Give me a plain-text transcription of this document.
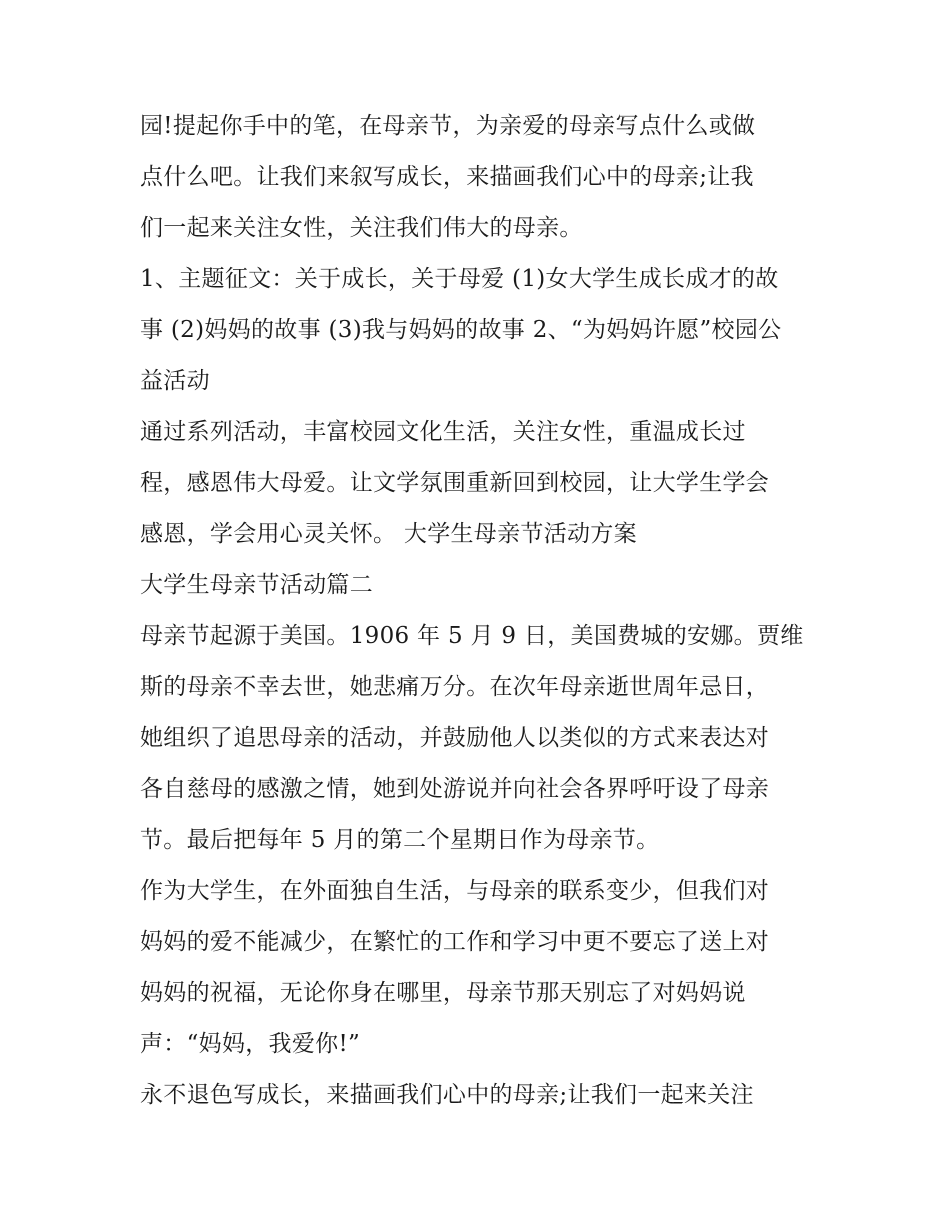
园!提起你手中的笔，在母亲节，为亲爱的母亲写点什么或做

点什么吧。让我们来叙写成长，来描画我们心中的母亲;让我

们一起来关注女性，关注我们伟大的母亲。

1、主题征文：关于成长，关于母爱 (1)女大学生成长成才的故

事 (2)妈妈的故事 (3)我与妈妈的故事 2、“为妈妈许愿”校园公

益活动

通过系列活动，丰富校园文化生活，关注女性，重温成长过

程，感恩伟大母爱。让文学氛围重新回到校园，让大学生学会

感恩，学会用心灵关怀。 大学生母亲节活动方案

大学生母亲节活动篇二

母亲节起源于美国。1906 年 5 月 9 日，美国费城的安娜。贾维

斯的母亲不幸去世，她悲痛万分。在次年母亲逝世周年忌日，

她组织了追思母亲的活动，并鼓励他人以类似的方式来表达对

各自慈母的感激之情，她到处游说并向社会各界呼吁设了母亲

节。最后把每年 5 月的第二个星期日作为母亲节。

作为大学生，在外面独自生活，与母亲的联系变少，但我们对

妈妈的爱不能减少，在繁忙的工作和学习中更不要忘了送上对

妈妈的祝福，无论你身在哪里，母亲节那天别忘了对妈妈说

声：“妈妈，我爱你!”

永不退色写成长，来描画我们心中的母亲;让我们一起来关注
